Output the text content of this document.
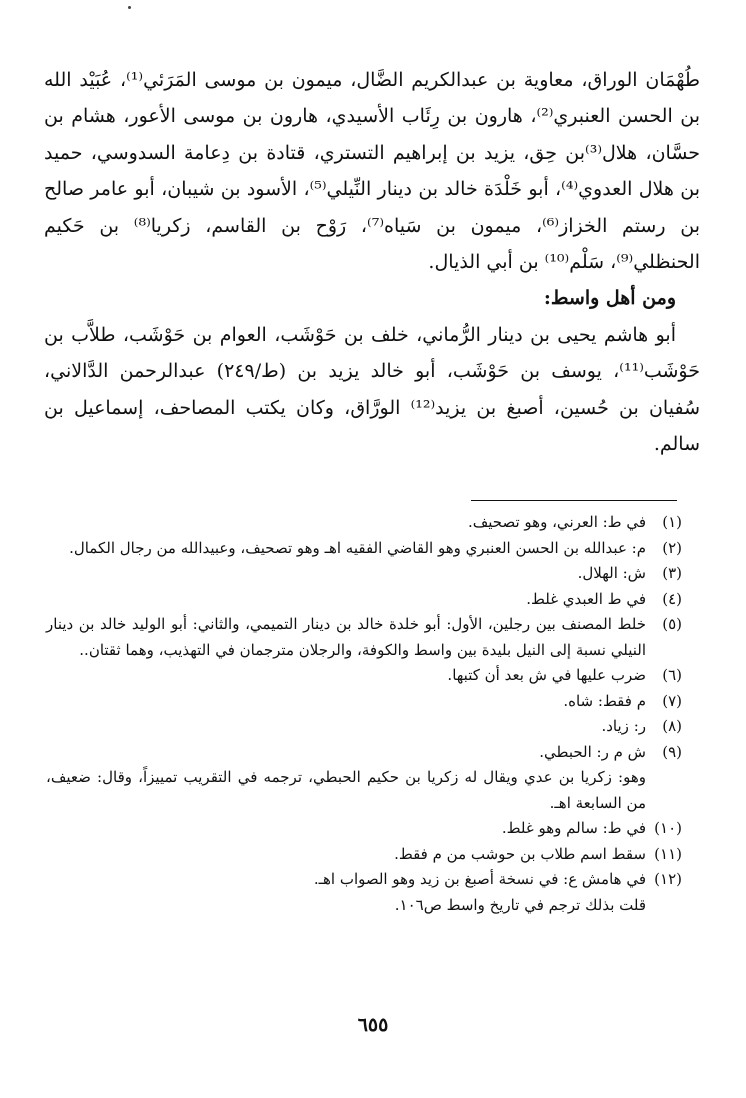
طُهْمَان الوراق، معاوية بن عبدالكريم الضَّال، ميمون بن موسى المَرَئي⁽¹⁾، عُبَيْد الله بن الحسن العنبري⁽²⁾، هارون بن رِئَاب الأسيدي، هارون بن موسى الأعور، هشام بن حسَّان، هلال⁽³⁾بن حِق، يزيد بن إبراهيم التستري، قتادة بن دِعامة السدوسي، حميد بن هلال العدوي⁽⁴⁾، أبو خَلْدَة خالد بن دينار النِّيلي⁽⁵⁾، الأسود بن شيبان، أبو عامر صالح بن رستم الخزاز⁽⁶⁾، ميمون بن سَياه⁽⁷⁾، رَوْح بن القاسم، زكريا⁽⁸⁾ بن حَكيم الحنظلي⁽⁹⁾، سَلْم⁽¹⁰⁾ بن أبي الذيال.

ومن أهل واسط:

أبو هاشم يحيى بن دينار الرُّماني، خلف بن حَوْشَب، العوام بن حَوْشَب، طلاَّب بن حَوْشَب⁽¹¹⁾، يوسف بن حَوْشَب، أبو خالد يزيد بن (ط/٢٤٩) عبدالرحمن الدَّالاني، سُفيان بن حُسين، أصبغ بن يزيد⁽¹²⁾ الورَّاق، وكان يكتب المصاحف، إسماعيل بن سالم.

(١)
في ط: العرني، وهو تصحيف.
(٢)
م: عبدالله بن الحسن العنبري وهو القاضي الفقيه اهـ وهو تصحيف، وعبيدالله من رجال الكمال.
(٣)
ش: الهلال.
(٤)
في ط العبدي غلط.
(٥)
خلط المصنف بين رجلين، الأول: أبو خلدة خالد بن دينار التميمي، والثاني: أبو الوليد خالد بن دينار النيلي نسبة إلى النيل بليدة بين واسط والكوفة، والرجلان مترجمان في التهذيب، وهما ثقتان..
(٦)
ضرب عليها في ش بعد أن كتبها.
(٧)
م فقط: شاه.
(٨)
ر: زياد.
(٩)
ش م ر: الحبطي.
وهو: زكريا بن عدي ويقال له زكريا بن حكيم الحبطي، ترجمه في التقريب تمييزاً، وقال: ضعيف، من السابعة اهـ.
(١٠)
في ط: سالم وهو غلط.
(١١)
سقط اسم طلاب بن حوشب من م فقط.
(١٢)
في هامش ع: في نسخة أصبغ بن زيد وهو الصواب اهـ.
قلت بذلك ترجم في تاريخ واسط ص١٠٦.
٦٥٥
